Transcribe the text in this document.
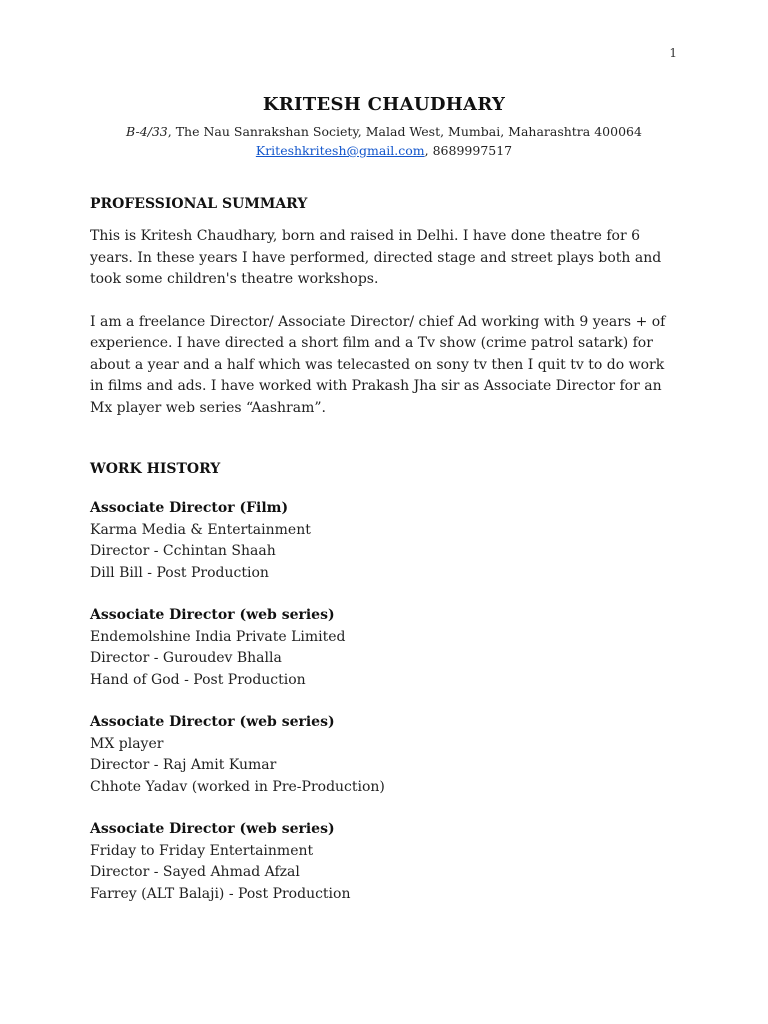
1
KRITESH CHAUDHARY
B-4/33, The Nau Sanrakshan Society, Malad West, Mumbai, Maharashtra 400064
Kriteshkritesh@gmail.com, 8689997517
PROFESSIONAL SUMMARY

This is Kritesh Chaudhary, born and raised in Delhi. I have done theatre for 6 years. In these years I have performed, directed stage and street plays both and took some children's theatre workshops.

I am a freelance Director/ Associate Director/ chief Ad working with 9 years + of experience. I have directed a short film and a Tv show (crime patrol satark) for about a year and a half which was telecasted on sony tv then I quit tv to do work in films and ads. I have worked with Prakash Jha sir as Associate Director for an Mx player web series “Aashram”.

WORK HISTORY
Associate Director (Film)
Karma Media & Entertainment
Director - Cchintan Shaah
Dill Bill - Post Production
Associate Director (web series)
Endemolshine India Private Limited
Director - Guroudev Bhalla
Hand of God - Post Production
Associate Director (web series)
MX player
Director - Raj Amit Kumar
Chhote Yadav (worked in Pre-Production)
Associate Director (web series)
Friday to Friday Entertainment
Director - Sayed Ahmad Afzal
Farrey (ALT Balaji) - Post Production
